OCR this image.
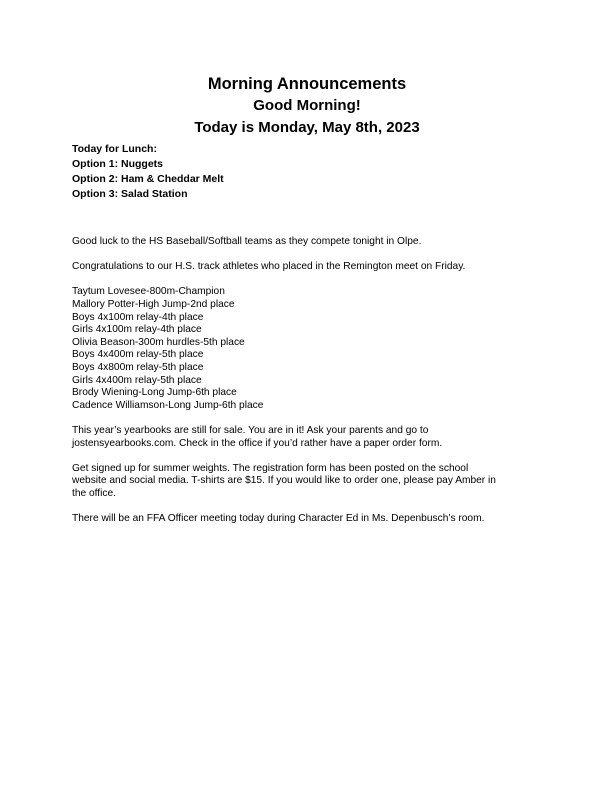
Morning Announcements
Good Morning!
Today is Monday, May 8th, 2023
Today for Lunch:
Option 1: Nuggets
Option 2: Ham & Cheddar Melt
Option 3: Salad Station

Good luck to the HS Baseball/Softball teams as they compete tonight in Olpe.

Congratulations to our H.S. track athletes who placed in the Remington meet on Friday.

Taytum Lovesee-800m-Champion
Mallory Potter-High Jump-2nd place
Boys 4x100m relay-4th place
Girls 4x100m relay-4th place
Olivia Beason-300m hurdles-5th place
Boys 4x400m relay-5th place
Boys 4x800m relay-5th place
Girls 4x400m relay-5th place
Brody Wiening-Long Jump-6th place
Cadence Williamson-Long Jump-6th place
This year’s yearbooks are still for sale. You are in it! Ask your parents and go to
jostensyearbooks.com. Check in the office if you’d rather have a paper order form.
Get signed up for summer weights. The registration form has been posted on the school
website and social media. T-shirts are $15. If you would like to order one, please pay Amber in
the office.

There will be an FFA Officer meeting today during Character Ed in Ms. Depenbusch’s room.
